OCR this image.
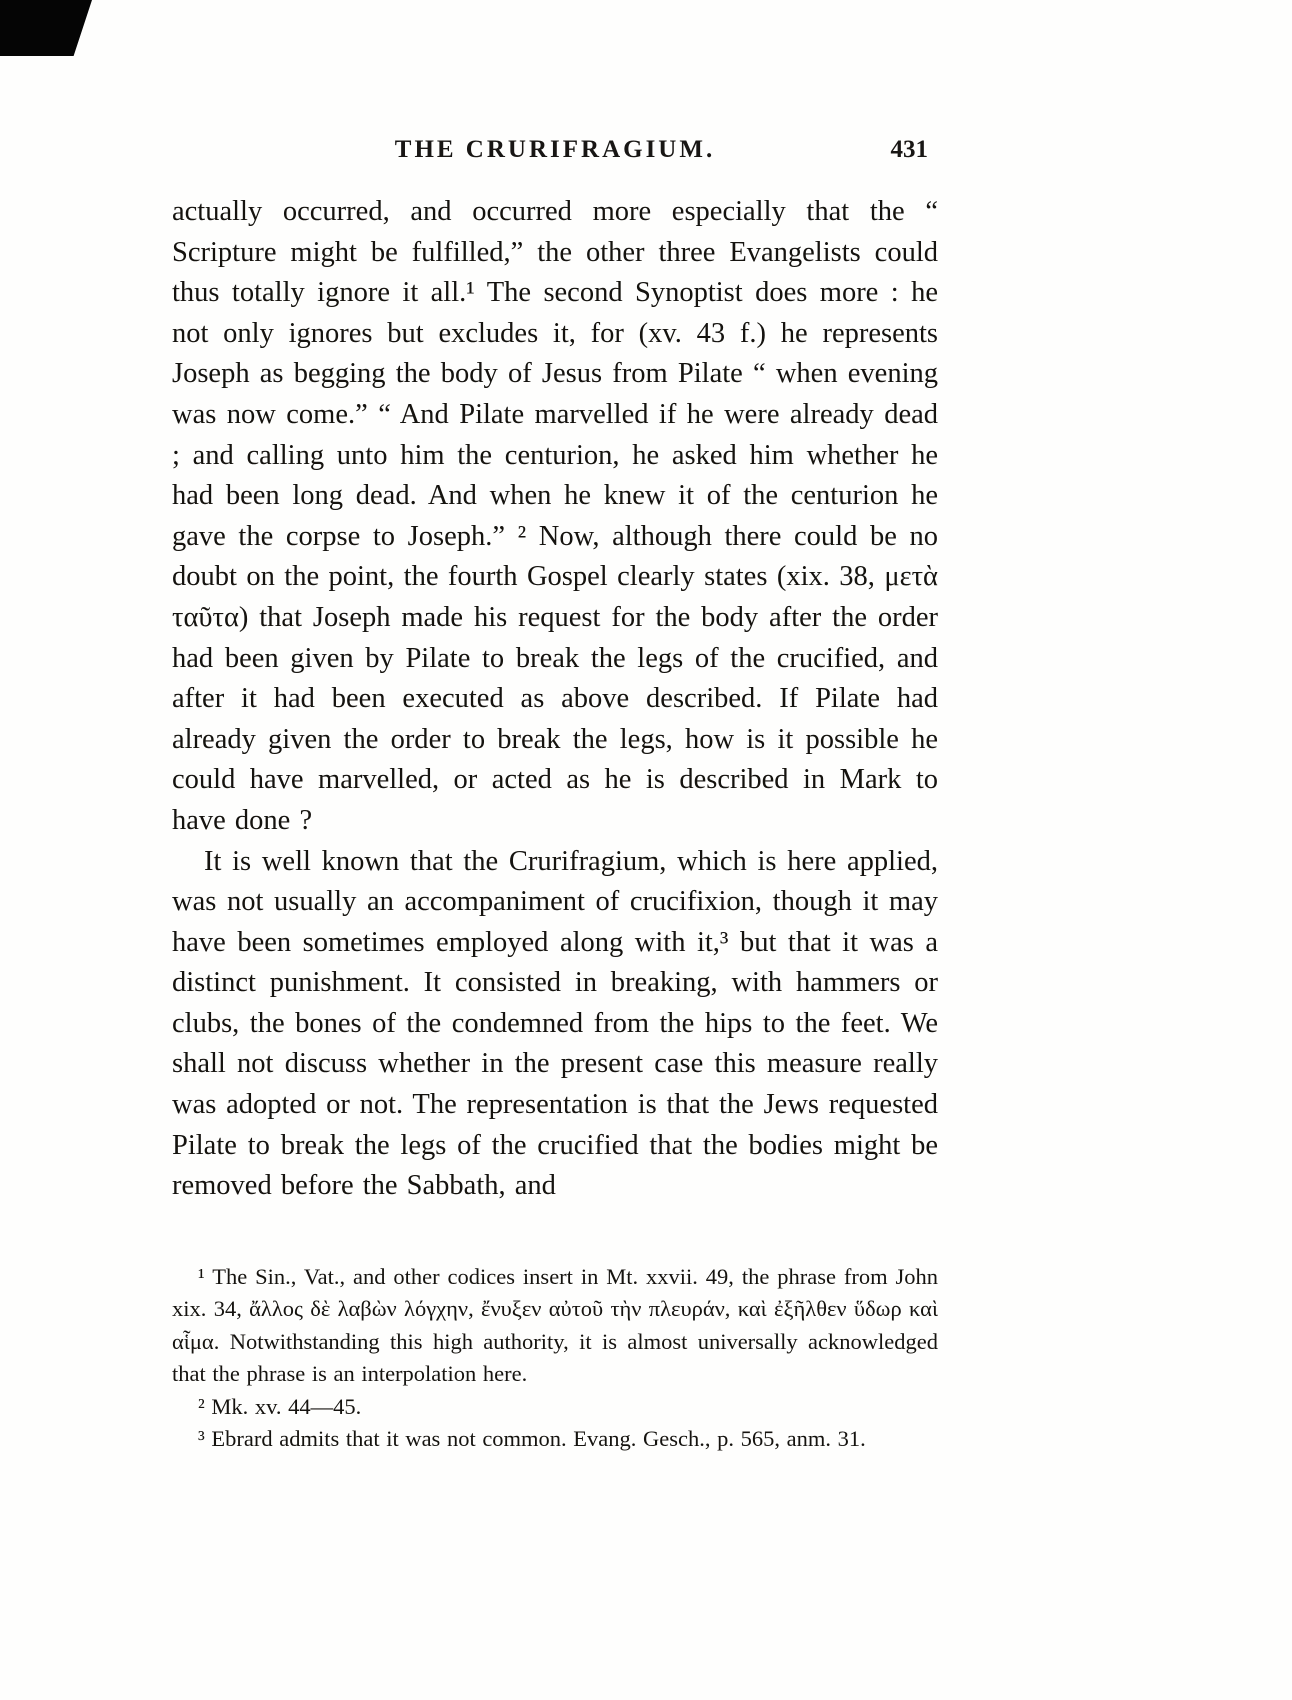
THE CRURIFRAGIUM.	431

actually occurred, and occurred more especially that the “ Scripture might be fulfilled,” the other three Evangelists could thus totally ignore it all.¹ The second Synoptist does more : he not only ignores but excludes it, for (xv. 43 f.) he represents Joseph as begging the body of Jesus from Pilate “ when evening was now come.” “ And Pilate marvelled if he were already dead ; and calling unto him the centurion, he asked him whether he had been long dead. And when he knew it of the centurion he gave the corpse to Joseph.” ² Now, although there could be no doubt on the point, the fourth Gospel clearly states (xix. 38, μετὰ ταῦτα) that Joseph made his request for the body after the order had been given by Pilate to break the legs of the crucified, and after it had been executed as above described. If Pilate had already given the order to break the legs, how is it possible he could have marvelled, or acted as he is described in Mark to have done ?

It is well known that the Crurifragium, which is here applied, was not usually an accompaniment of crucifixion, though it may have been sometimes employed along with it,³ but that it was a distinct punishment. It consisted in breaking, with hammers or clubs, the bones of the condemned from the hips to the feet. We shall not discuss whether in the present case this measure really was adopted or not. The representation is that the Jews requested Pilate to break the legs of the crucified that the bodies might be removed before the Sabbath, and

¹ The Sin., Vat., and other codices insert in Mt. xxvii. 49, the phrase from John xix. 34, ἄλλος δὲ λαβὼν λόγχην, ἔνυξεν αὐτοῦ τὴν πλευράν, καὶ ἐξῆλθεν ὕδωρ καὶ αἷμα. Notwithstanding this high authority, it is almost universally acknowledged that the phrase is an interpolation here.

² Mk. xv. 44—45.

³ Ebrard admits that it was not common. Evang. Gesch., p. 565, anm. 31.
